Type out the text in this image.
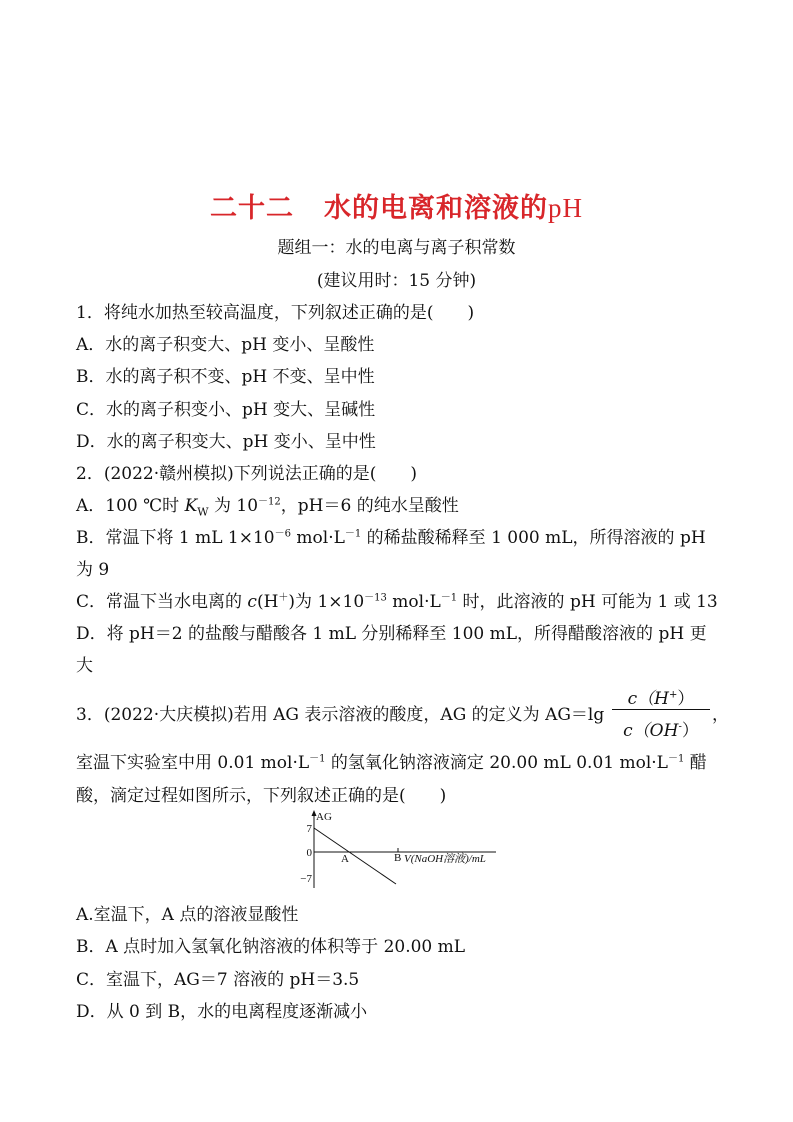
二十二 水的电离和溶液的pH
题组一：水的电离与离子积常数
(建议用时：15 分钟)
1．将纯水加热至较高温度，下列叙述正确的是(　　)
A．水的离子积变大、pH 变小、呈酸性
B．水的离子积不变、pH 不变、呈中性
C．水的离子积变小、pH 变大、呈碱性
D．水的离子积变大、pH 变小、呈中性
2．(2022·赣州模拟)下列说法正确的是(　　)
A．100 ℃时 $K_W$ 为 $10^{-12}$，pH＝6 的纯水呈酸性
B．常温下将 1 mL $1\times 10^{-6}$ $mol\cdot L^{-1}$ 的稀盐酸稀释至 1 000 mL，所得溶液的 pH
为 9
C．常温下当水电离的 c(H＋)为 $1\times 10^{-13}$ $mol\cdot L^{-1}$ 时，此溶液的 pH 可能为 1 或 13
D．将 pH＝2 的盐酸与醋酸各 1 mL 分别稀释至 100 mL，所得醋酸溶液的 pH 更
大
3．(2022·大庆模拟)若用 AG 表示溶液的酸度，AG 的定义为 AG＝lg
c（H+）
c（OH-）
，
室温下实验室中用 0.01 $mol\cdot L^{-1}$ 的氢氧化钠溶液滴定 20.00 mL 0.01 $mol\cdot L^{-1}$ 醋
酸，滴定过程如图所示，下列叙述正确的是(　　)
AG
7
0
−7
A	B V(NaOH溶液)/mL
A.室温下，A 点的溶液显酸性
B．A 点时加入氢氧化钠溶液的体积等于 20.00 mL
C．室温下，AG＝7 溶液的 pH＝3.5
D．从 0 到 B，水的电离程度逐渐减小
